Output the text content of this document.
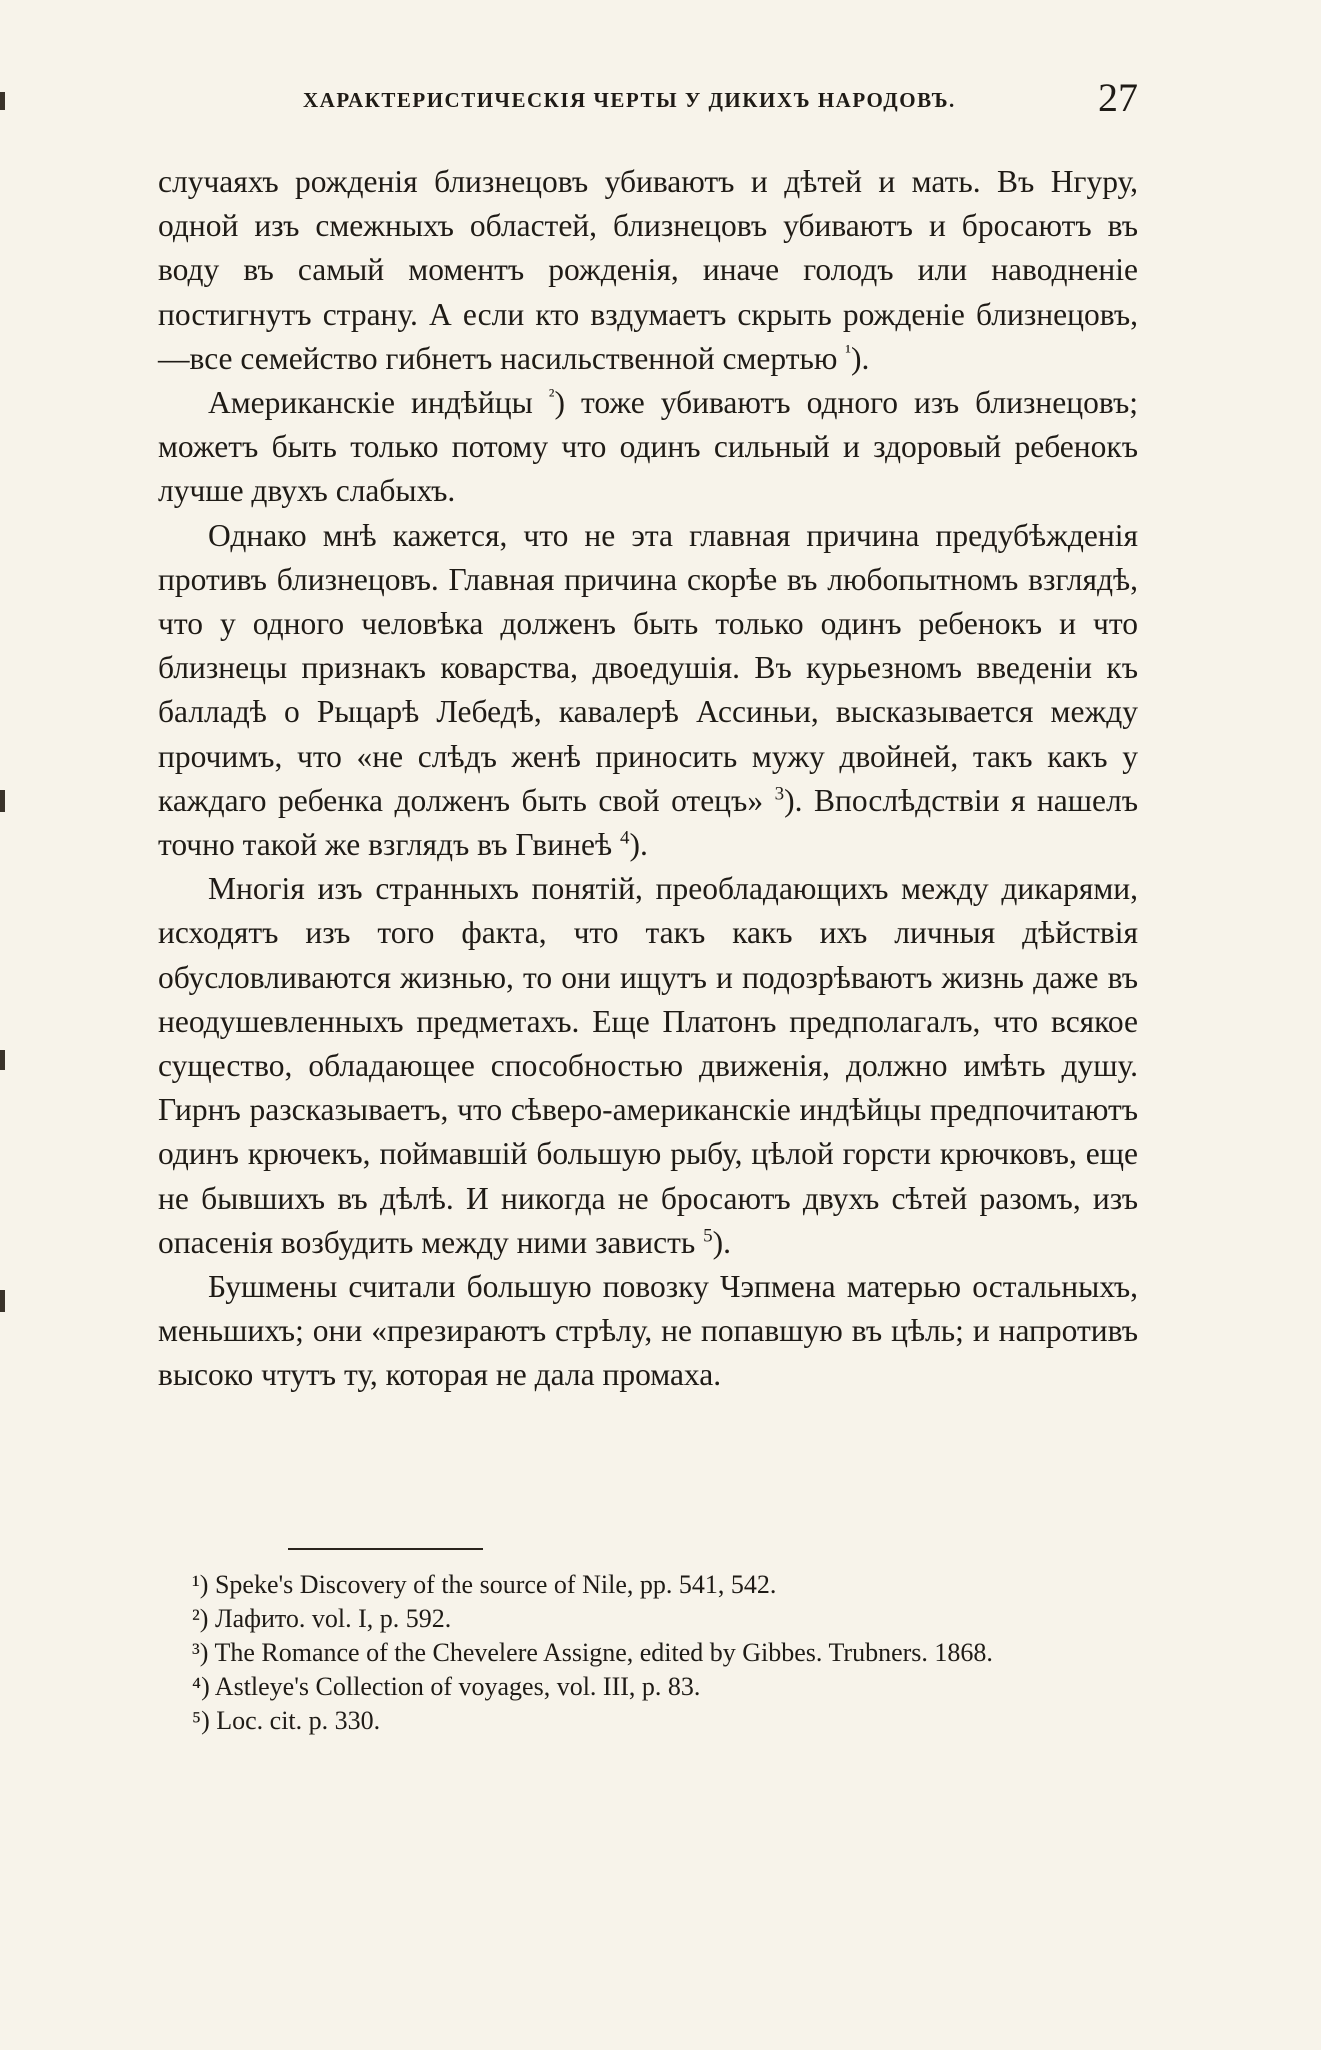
ХАРАКТЕРИСТИЧЕСКІЯ ЧЕРТЫ У ДИКИХЪ НАРОДОВЪ.	27

случаяхъ рожденія близнецовъ убиваютъ и дѣтей и мать. Въ Нгуру, одной изъ смежныхъ областей, близнецовъ убиваютъ и бросаютъ въ воду въ самый моментъ рожденія, иначе голодъ или наводненіе постигнутъ страну. А если кто вздумаетъ скрыть рожденіе близнецовъ,—все семейство гибнетъ насильственной смертью $^{^1}$).

Американскіе индѣйцы $^{^2}$) тоже убиваютъ одного изъ близнецовъ; можетъ быть только потому что одинъ сильный и здоровый ребенокъ лучше двухъ слабыхъ.

Однако мнѣ кажется, что не эта главная причина предубѣжденія противъ близнецовъ. Главная причина скорѣе въ любопытномъ взглядѣ, что у одного человѣка долженъ быть только одинъ ребенокъ и что близнецы признакъ коварства, двоедушія. Въ курьезномъ введеніи къ балладѣ о Рыцарѣ Лебедѣ, кавалерѣ Ассиньи, высказывается между прочимъ, что «не слѣдъ женѣ приносить мужу двойней, такъ какъ у каждаго ребенка долженъ быть свой отецъ» $^3$). Впослѣдствіи я нашелъ точно такой же взглядъ въ Гвинеѣ $^4$).

Многія изъ странныхъ понятій, преобладающихъ между дикарями, исходятъ изъ того факта, что такъ какъ ихъ личныя дѣйствія обусловливаются жизнью, то они ищутъ и подозрѣваютъ жизнь даже въ неодушевленныхъ предметахъ. Еще Платонъ предполагалъ, что всякое существо, обладающее способностью движенія, должно имѣть душу. Гирнъ разсказываетъ, что сѣверо-американскіе индѣйцы предпочитаютъ одинъ крючекъ, поймавшій большую рыбу, цѣлой горсти крючковъ, еще не бывшихъ въ дѣлѣ. И никогда не бросаютъ двухъ сѣтей разомъ, изъ опасенія возбудить между ними зависть $^5$).

Бушмены считали большую повозку Чэпмена матерью остальныхъ, меньшихъ; они «презираютъ стрѣлу, не попавшую въ цѣль; и напротивъ высоко чтутъ ту, которая не дала промаха.

¹) Speke's Discovery of the source of Nile, pp. 541, 542.
²) Лафито. vol. I, p. 592.
³) The Romance of the Chevelere Assigne, edited by Gibbes. Trubners. 1868.
⁴) Astleye's Collection of voyages, vol. III, p. 83.
⁵) Loc. cit. p. 330.
